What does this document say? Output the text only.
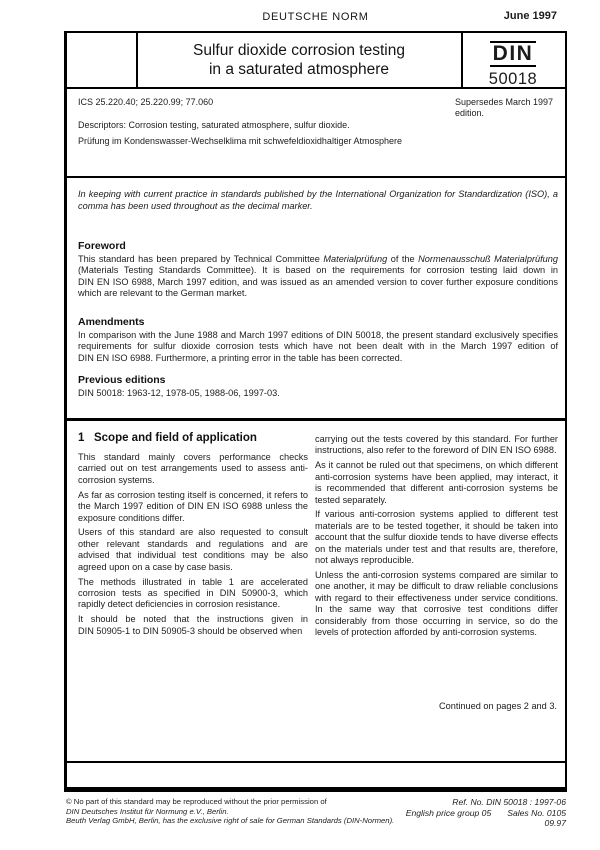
DEUTSCHE NORM	June 1997
Sulfur dioxide corrosion testing
in a saturated atmosphere
DIN
50018
ICS 25.220.40; 25.220.99; 77.060	Supersedes March 1997 edition.
Descriptors: Corrosion testing, saturated atmosphere, sulfur dioxide.
Prüfung im Kondenswasser-Wechselklima mit schwefeldioxidhaltiger Atmosphere
In keeping with current practice in standards published by the International Organization for Standardization (ISO), a comma has been used throughout as the decimal marker.
Foreword
This standard has been prepared by Technical Committee Materialprüfung of the Normenausschuß Materialprüfung (Materials Testing Standards Committee). It is based on the requirements for corrosion testing laid down in DIN EN ISO 6988, March 1997 edition, and was issued as an amended version to cover further exposure conditions which are relevant to the German market.
Amendments
In comparison with the June 1988 and March 1997 editions of DIN 50018, the present standard exclusively specifies requirements for sulfur dioxide corrosion tests which have not been dealt with in the March 1997 edition of DIN EN ISO 6988. Furthermore, a printing error in the table has been corrected.
Previous editions
DIN 50018: 1963-12, 1978-05, 1988-06, 1997-03.
1   Scope and field of application

This standard mainly covers performance checks carried out on test arrangements used to assess anti-corrosion systems.

As far as corrosion testing itself is concerned, it refers to the March 1997 edition of DIN EN ISO 6988 unless the exposure conditions differ.

Users of this standard are also requested to consult other relevant standards and regulations and are advised that individual test conditions may be also agreed upon on a case by case basis.

The methods illustrated in table 1 are accelerated corrosion tests as specified in DIN 50900-3, which rapidly detect deficiencies in corrosion resistance.

It should be noted that the instructions given in DIN 50905-1 to DIN 50905-3 should be observed when

carrying out the tests covered by this standard. For further instructions, also refer to the foreword of DIN EN ISO 6988.

As it cannot be ruled out that specimens, on which different anti-corrosion systems have been applied, may interact, it is recommended that different anti-corrosion systems be tested separately.

If various anti-corrosion systems applied to different test materials are to be tested together, it should be taken into account that the sulfur dioxide tends to have diverse effects on the materials under test and that results are, therefore, not always reproducible.

Unless the anti-corrosion systems compared are similar to one another, it may be difficult to draw reliable conclusions with regard to their effectiveness under service conditions. In the same way that corrosive test conditions differ considerably from those occurring in service, so do the levels of protection afforded by anti-corrosion systems.

Continued on pages 2 and 3.
© No part of this standard may be reproduced without the prior permission of
DIN Deutsches Institut für Normung e.V., Berlin.
Beuth Verlag GmbH, Berlin, has the exclusive right of sale for German Standards (DIN-Normen).
Ref. No. DIN 50018 : 1997-06
English price group 05 Sales No. 0105
09.97
